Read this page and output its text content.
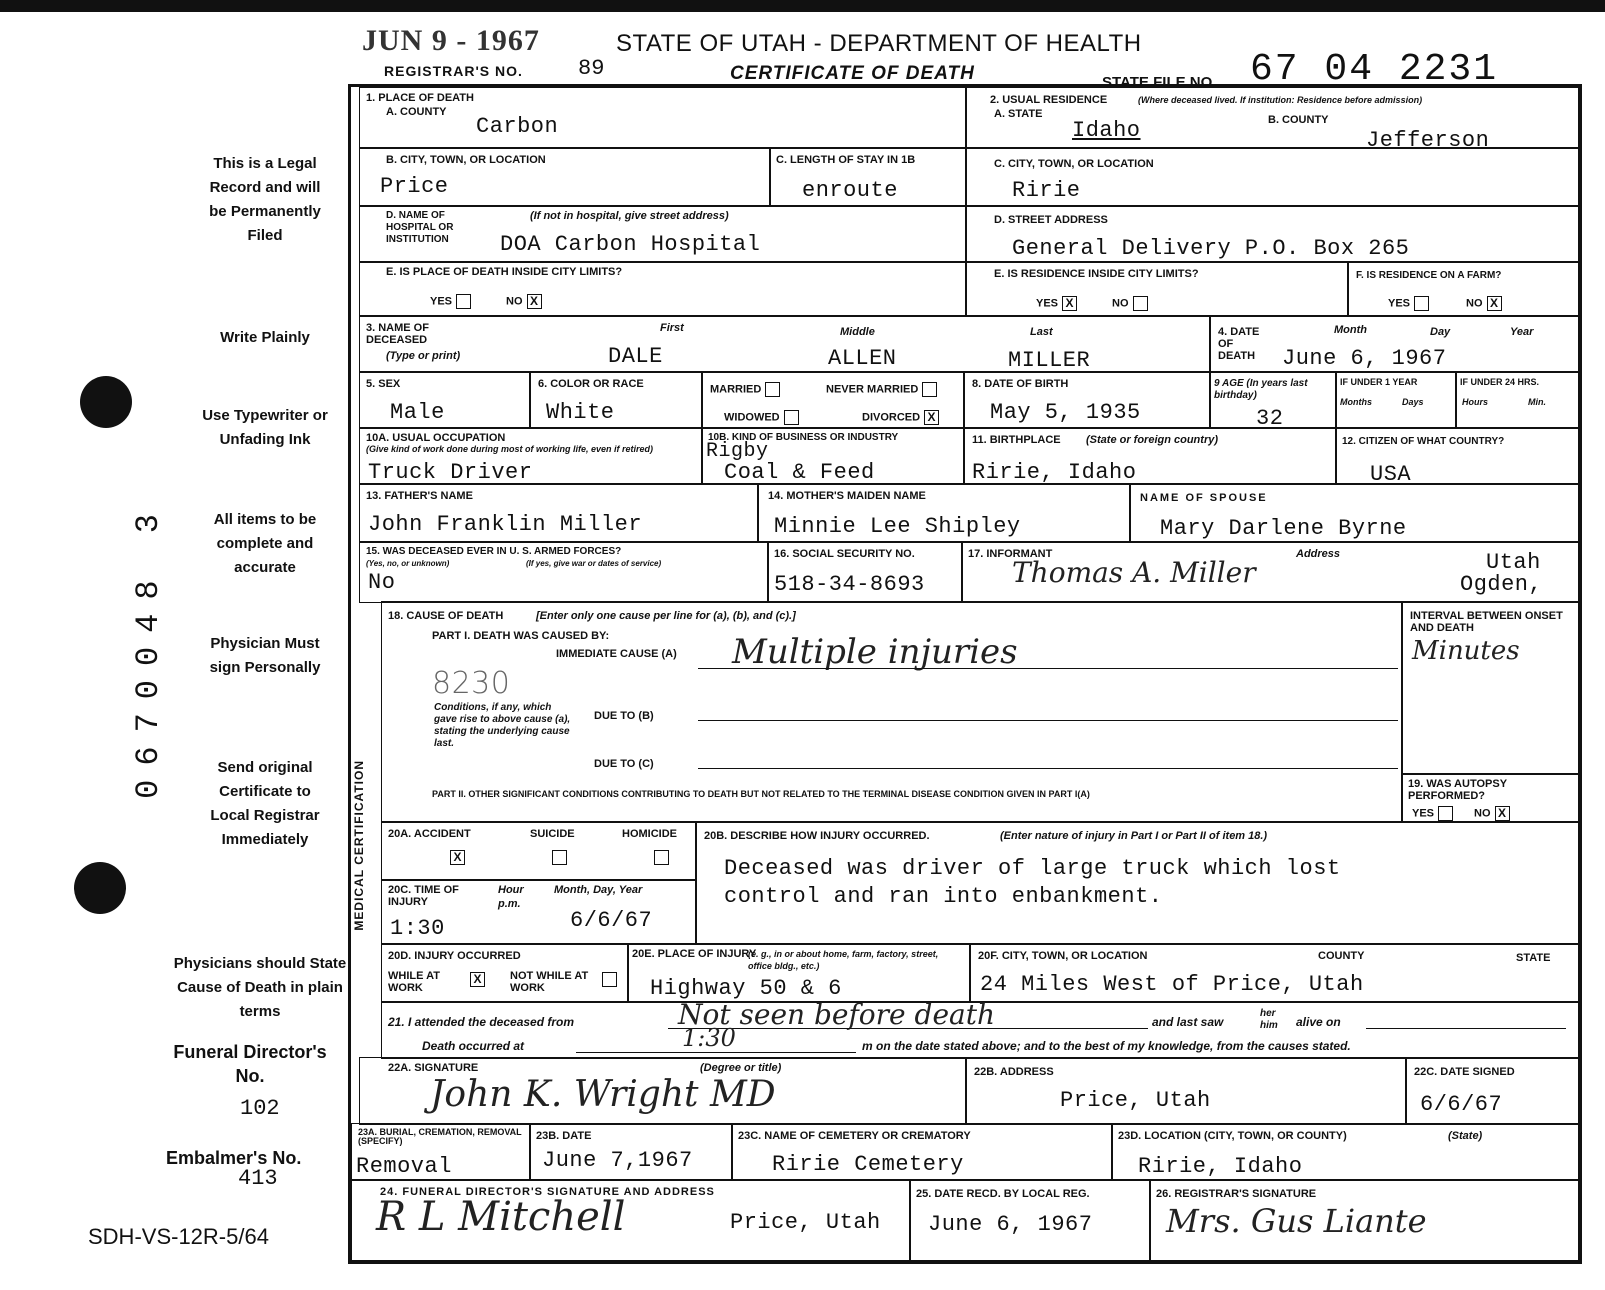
JUN 9 - 1967	STATE OF UTAH - DEPARTMENT OF HEALTH
REGISTRAR'S NO.	89	CERTIFICATE OF DEATH	STATE FILE NO. 67 04 2231
This is a Legal Record and will be Permanently Filed
Write Plainly
Use Typewriter or Unfading Ink
All items to be complete and accurate
Physician Must sign Personally
Send original Certificate to Local Registrar Immediately
Physicians should State Cause of Death in plain terms
0670048 3
Funeral Director's No.
102
Embalmer's No.
413
SDH-VS-12R-5/64
MEDICAL CERTIFICATION
1. PLACE OF DEATH
A. COUNTY
Carbon
B. CITY, TOWN, OR LOCATION
Price
C. LENGTH OF STAY IN 1B
enroute
D. NAME OF HOSPITAL OR INSTITUTION
(If not in hospital, give street address)
DOA Carbon Hospital
E. IS PLACE OF DEATH INSIDE CITY LIMITS?
YES	NO X
2. USUAL RESIDENCE	(Where deceased lived. If institution: Residence before admission)
A. STATE	B. COUNTY
Idaho	Jefferson
C. CITY, TOWN, OR LOCATION
Ririe
D. STREET ADDRESS
General Delivery P.O. Box 265
E. IS RESIDENCE INSIDE CITY LIMITS?
YES X	NO
F. IS RESIDENCE ON A FARM?
YES	NO X
3. NAME OF DECEASED
(Type or print)
First	Middle	Last
DALE	ALLEN	MILLER
4. DATE OF DEATH
Month	Day	Year
June 6, 1967
5. SEX
Male
6. COLOR OR RACE
White
MARRIED	NEVER MARRIED
WIDOWED	DIVORCED X
8. DATE OF BIRTH
May 5, 1935
9 AGE (In years last birthday)
32
IF UNDER 1 YEAR
Months	Days
IF UNDER 24 HRS.
Hours	Min.
10A. USUAL OCCUPATION
(Give kind of work done during most of working life, even if retired)
Truck Driver
10B. KIND OF BUSINESS OR INDUSTRY
Rigby
Coal & Feed
11. BIRTHPLACE (State or foreign country)
Ririe, Idaho
12. CITIZEN OF WHAT COUNTRY?
USA
13. FATHER'S NAME
John Franklin Miller
14. MOTHER'S MAIDEN NAME
Minnie Lee Shipley
NAME OF SPOUSE
Mary Darlene Byrne
15. WAS DECEASED EVER IN U. S. ARMED FORCES?
(Yes, no, or unknown)	(If yes, give war or dates of service)
No
16. SOCIAL SECURITY NO.
518-34-8693
17. INFORMANT	Address
Thomas A. Miller	Utah
Ogden,
18. CAUSE OF DEATH	[Enter only one cause per line for (a), (b), and (c).]
PART I. DEATH WAS CAUSED BY:
IMMEDIATE CAUSE (A) Multiple injuries
8230
Conditions, if any, which gave rise to above cause (a), stating the underlying cause last.
DUE TO (B)
DUE TO (C)
PART II. OTHER SIGNIFICANT CONDITIONS CONTRIBUTING TO DEATH BUT NOT RELATED TO THE TERMINAL DISEASE CONDITION GIVEN IN PART I(A)
INTERVAL BETWEEN ONSET AND DEATH
Minutes
19. WAS AUTOPSY PERFORMED?
YES	NO X
20A. ACCIDENT	SUICIDE	HOMICIDE
X
20C. TIME OF INJURY
Hour
p.m.
Month, Day, Year
1:30	6/6/67
20B. DESCRIBE HOW INJURY OCCURRED.	(Enter nature of injury in Part I or Part II of item 18.)
Deceased was driver of large truck which lost
control and ran into enbankment.
20D. INJURY OCCURRED
WHILE AT WORK
X	NOT WHILE AT WORK
20E. PLACE OF INJURY
(e. g., in or about home, farm, factory, street, office bldg., etc.)
Highway 50 & 6
20F. CITY, TOWN, OR LOCATION	COUNTY	STATE
24 Miles West of Price, Utah
21. I attended the deceased from	Not seen before death	and last saw
her him	alive on
Death occurred at	1:30	m on the date stated above; and to the best of my knowledge, from the causes stated.
22A. SIGNATURE	(Degree or title)
John K. Wright MD
22B. ADDRESS
Price, Utah
22C. DATE SIGNED
6/6/67
23A. BURIAL, CREMATION, REMOVAL (SPECIFY)
Removal
23B. DATE
June 7,1967
23C. NAME OF CEMETERY OR CREMATORY
Ririe Cemetery
23D. LOCATION (CITY, TOWN, OR COUNTY)	(State)
Ririe, Idaho
24. FUNERAL DIRECTOR'S SIGNATURE AND ADDRESS
R L Mitchell	Price, Utah
25. DATE RECD. BY LOCAL REG.
June 6, 1967
26. REGISTRAR'S SIGNATURE
Mrs. Gus Liante
